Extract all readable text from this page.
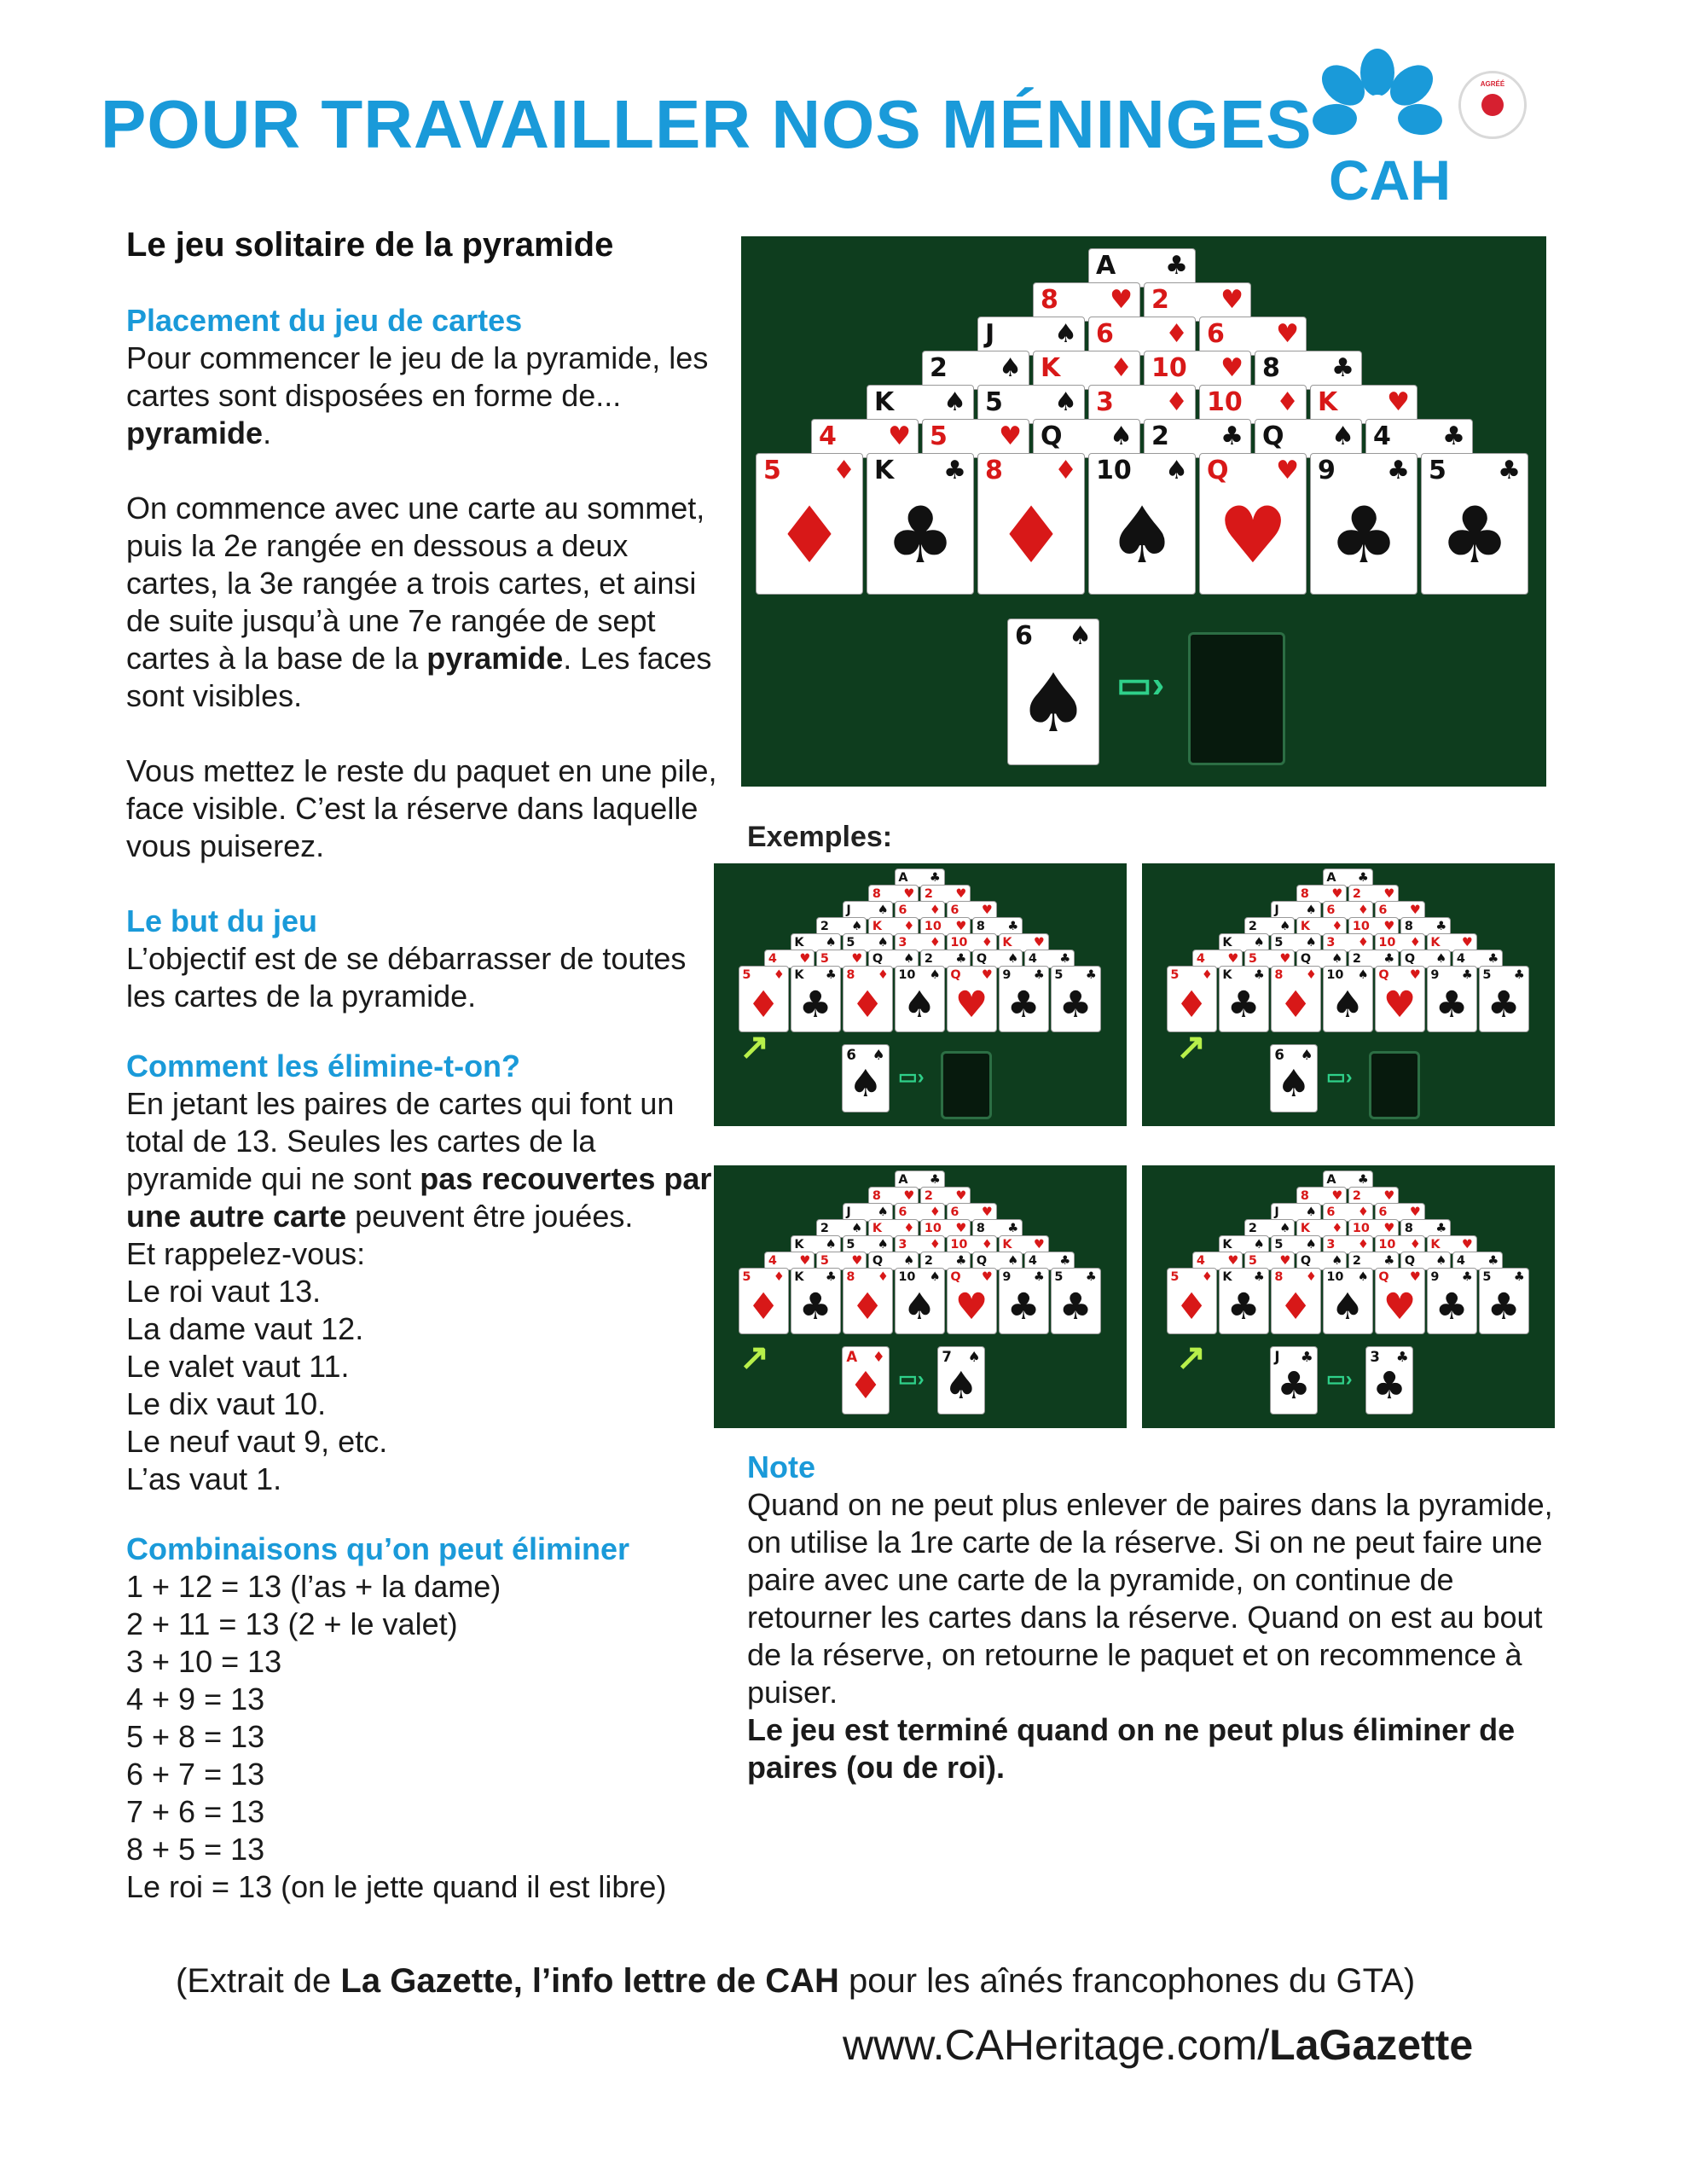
POUR TRAVAILLER NOS MÉNINGES
AGRÉÉ
CAH
Le jeu solitaire de la pyramide
Placement du jeu de cartes

Pour commencer le jeu de la pyramide, les cartes sont disposées en forme de... pyramide.

On commence avec une carte au sommet, puis la 2e rangée en dessous a deux cartes, la 3e rangée a trois cartes, et ainsi de suite jusqu’à une 7e rangée de sept cartes à la base de la pyramide. Les faces sont visibles.

Vous mettez le reste du paquet en une pile, face visible. C’est la réserve dans laquelle vous puiserez.

Le but du jeu

L’objectif est de se débarrasser de toutes les cartes de la pyramide.

Comment les élimine-t-on?

En jetant les paires de cartes qui font un total de 13. Seules les cartes de la pyramide qui ne sont pas recouvertes par une autre carte peuvent être jouées.

Et rappelez-vous:

Le roi vaut 13.

La dame vaut 12.

Le valet vaut 11.

Le dix vaut 10.

Le neuf vaut 9, etc.

L’as vaut 1.

Combinaisons qu’on peut éliminer

1 + 12 = 13 (l’as + la dame)

2 + 11 = 13 (2 + le valet)

3 + 10 = 13

4 + 9 = 13

5 + 8 = 13

6 + 7 = 13

7 + 6 = 13

8 + 5 = 13

Le roi = 13 (on le jette quand il est libre)

A ♣
8 ♥ 2 ♥
J ♠ 6 ♦ 6 ♥
2 ♠ K ♦ 10 ♥ 8 ♣
K ♠ 5 ♠ 3 ♦ 10 ♦ K ♥
4 ♥ 5 ♥ Q ♠ 2 ♣ Q ♠ 4 ♣
5 ♦
♦
K ♣
♣
8 ♦
♦
10 ♠
♠
Q ♥
♥
9 ♣
♣
5 ♣
♣
6 ♠
♠ ▭›
Exemples:
A ♣
8 ♥ 2 ♥
J ♠ 6 ♦ 6 ♥
2 ♠ K ♦ 10 ♥ 8 ♣
K ♠ 5 ♠ 3 ♦ 10 ♦ K ♥
4 ♥ 5 ♥ Q ♠ 2 ♣ Q ♠ 4 ♣
5 ♦
♦
K ♣
♣
8 ♦
♦
10 ♠
♠
Q ♥
♥
9 ♣
♣
5 ♣
♣
6 ♠
♠ ▭›
↗
A ♣
8 ♥ 2 ♥
J ♠ 6 ♦ 6 ♥
2 ♠ K ♦ 10 ♥ 8 ♣
K ♠ 5 ♠ 3 ♦ 10 ♦ K ♥
4 ♥ 5 ♥ Q ♠ 2 ♣ Q ♠ 4 ♣
5 ♦
♦
K ♣
♣
8 ♦
♦
10 ♠
♠
Q ♥
♥
9 ♣
♣
5 ♣
♣
6 ♠
♠ ▭›
↗
A ♣
8 ♥ 2 ♥
J ♠ 6 ♦ 6 ♥
2 ♠ K ♦ 10 ♥ 8 ♣
K ♠ 5 ♠ 3 ♦ 10 ♦ K ♥
4 ♥ 5 ♥ Q ♠ 2 ♣ Q ♠ 4 ♣
5 ♦
♦
K ♣
♣
8 ♦
♦
10 ♠
♠
Q ♥
♥
9 ♣
♣
5 ♣
♣
A ♦
♦ ▭›
7 ♠
♠
↗
A ♣
8 ♥ 2 ♥
J ♠ 6 ♦ 6 ♥
2 ♠ K ♦ 10 ♥ 8 ♣
K ♠ 5 ♠ 3 ♦ 10 ♦ K ♥
4 ♥ 5 ♥ Q ♠ 2 ♣ Q ♠ 4 ♣
5 ♦
♦
K ♣
♣
8 ♦
♦
10 ♠
♠
Q ♥
♥
9 ♣
♣
5 ♣
♣
J ♣
♣ ▭›
3 ♣
♣
↗
Note

Quand on ne peut plus enlever de paires dans la pyramide, on utilise la 1re carte de la réserve. Si on ne peut faire une paire avec une carte de la pyramide, on continue de retourner les cartes dans la réserve. Quand on est au bout de la réserve, on retourne le paquet et on recommence à puiser.

Le jeu est terminé quand on ne peut plus éliminer de paires (ou de roi).

(Extrait de La Gazette, l’info lettre de CAH pour les aînés francophones du GTA)
www.CAHeritage.com/LaGazette
